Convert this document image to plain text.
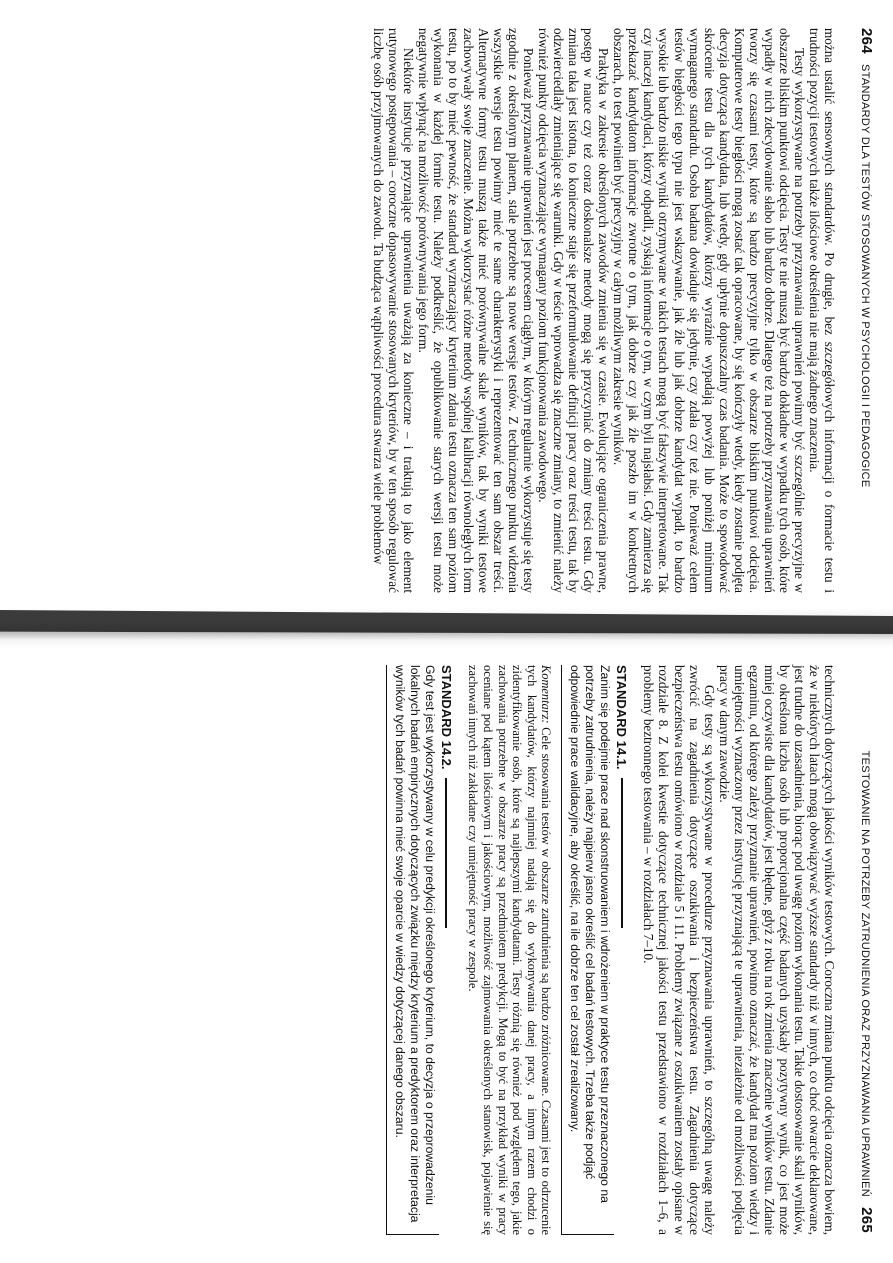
264   STANDARDY DLA TESTÓW STOSOWANYCH W PSYCHOLOGII I PEDAGOGICE

można ustalić sensownych standardów. Po drugie, bez szczegółowych informacji o formacie testu i trudności pozycji testowych także ilościowe określenia nie mają żadnego znaczenia.

Testy wykorzystywane na potrzeby przyznawania uprawnień powinny być szczególnie precyzyjne w obszarze bliskim punktowi odcięcia. Testy te nie muszą być bardzo dokładne w wypadku tych osób, które wypadły w nich zdecydowanie słabo lub bardzo dobrze. Dlatego też na potrzeby przyznawania uprawnień tworzy się czasami testy, które są bardzo precyzyjne tylko w obszarze bliskim punktowi odcięcia. Komputerowe testy biegłości mogą zostać tak opracowane, by się kończyły wtedy, kiedy zostanie podjęta decyzja dotycząca kandydata, lub wtedy, gdy upłynie dopuszczalny czas badania. Może to spowodować skrócenie testu dla tych kandydatów, którzy wyraźnie wypadają powyżej lub poniżej minimum wymaganego standardu. Osoba badana dowiaduje się jedynie, czy zdała czy też nie. Ponieważ celem testów biegłości tego typu nie jest wskazywanie, jak źle lub jak dobrze kandydat wypadł, to bardzo wysokie lub bardzo niskie wyniki otrzymywane w takich testach mogą być fałszywie interpretowane. Tak czy inaczej kandydaci, którzy odpadli, zyskają informacje o tym, w czym byli najsłabsi. Gdy zamierza się przekazać kandydatom informacje zwrotne o tym, jak dobrze czy jak źle poszło im w konkretnych obszarach, to test powinien być precyzyjny w całym możliwym zakresie wyników.

Praktyka w zakresie określonych zawodów zmienia się w czasie. Ewolucjące ograniczenia prawne, postęp w nauce czy też coraz doskonalsze metody mogą się przyczyniać do zmiany treści testu. Gdy zmiana taka jest istotna, to konieczne staje się przeformułowanie definicji pracy oraz treści testu, tak by odzwierciedlały zmieniające się warunki. Gdy w teście wprowadza się znaczne zmiany, to zmienić należy również punkty odcięcia wyznaczające wymagany poziom funkcjonowania zawodowego.

Ponieważ przyznawanie uprawnień jest procesem ciągłym, w którym regularnie wykorzystuje się testy zgodnie z określonym planem, stale potrzebne są nowe wersje testów. Z technicznego punktu widzenia wszystkie wersje testu powinny mieć te same charakterystyki i reprezentować ten sam obszar treści. Alternatywne formy testu muszą także mieć porównywalne skale wyników, tak by wyniki testowe zachowywały swoje znaczenie. Można wykorzystać różne metody wspólnej kalibracji równoległych form testu, po to by mieć pewność, że standard wyznaczający kryterium zdania testu oznacza ten sam poziom wykonania w każdej formie testu. Należy podkreślić, że opublikowanie starych wersji testu może negatywnie wpłynąć na możliwość porównywania jego form.

Niektóre instytucje przyznające uprawnienia uważają za konieczne – i traktują to jako element rutynowego postępowania – coroczne dopasowywanie stosowanych kryteriów, by w ten sposób regulować liczbę osób przyjmowanych do zawodu. Ta budząca wątpliwości procedura stwarza wiele problemów

TESTOWANIE NA POTRZEBY ZATRUDNIENIA ORAZ PRZYZNAWANIA UPRAWNIEŃ   265

technicznych dotyczących jakości wyników testowych. Coroczna zmiana punktu odcięcia oznacza bowiem, że w niektórych latach mogą obowiązywać wyższe standardy niż w innych, co choć otwarcie deklarowane, jest trudne do uzasadnienia, biorąc pod uwagę poziom wykonania testu. Takie dostosowanie skali wyników, by określona liczba osób lub proporcjonalna część badanych uzyskały pozytywny wynik, co jest może mniej oczywiste dla kandydatów, jest błędne, gdyż z roku na rok zmienia znaczenie wyników testu. Zdanie egzaminu, od którego zależy przyznanie uprawnień, powinno oznaczać, że kandydat ma poziom wiedzy i umiejętności wyznaczony przez instytucję przyznającą te uprawnienia, niezależnie od możliwości podjęcia pracy w danym zawodzie.

Gdy testy są wykorzystywane w procedurze przyznawania uprawnień, to szczególną uwagę należy zwrócić na zagadnienia dotyczące oszukiwania i bezpieczeństwa testu. Zagadnienia dotyczące bezpieczeństwa testu omówiono w rozdziale 5 i 11. Problemy związane z oszukiwaniem zostały opisane w rozdziale 8. Z kolei kwestie dotyczące technicznej jakości testu przedstawiono w rozdziałach 1–6, a problemy beztronnego testowania – w rozdziałach 7–10.

STANDARD 14.1.
Zanim się podejmie prace nad skonstruowaniem i wdrożeniem w praktyce testu przeznaczonego na potrzeby zatrudnienia, należy najpierw jasno określić cel badań testowych. Trzeba także podjąć odpowiednie prace walidacyjne, aby określić, na ile dobrze ten cel został zrealizowany.

Komentarz: Cele stosowania testów w obszarze zatrudnienia są bardzo zróżnicowane. Czasami jest to odrzucenie tych kandydatów, którzy najmniej nadają się do wykonywania danej pracy, a innym razem chodzi o zidentyfikowanie osób, które są najlepszymi kandydatami. Testy różnią się również pod względem tego, jakie zachowania potrzebne w obszarze pracy są przedmiotem predykcji. Mogą to być na przykład wyniki w pracy oceniane pod kątem ilościowym i jakościowym, możliwość zajmowania określonych stanowisk, pojawienie się zachowań innych niż zakładane czy umiejętność pracy w zespole.

STANDARD 14.2.
Gdy test jest wykorzystywany w celu predykcji określonego kryterium, to decyzja o przeprowadzeniu lokalnych badań empirycznych dotyczących związku między kryterium a predyktorem oraz interpretacja wyników tych badań powinna mieć swoje oparcie w wiedzy dotyczącej danego obszaru.
